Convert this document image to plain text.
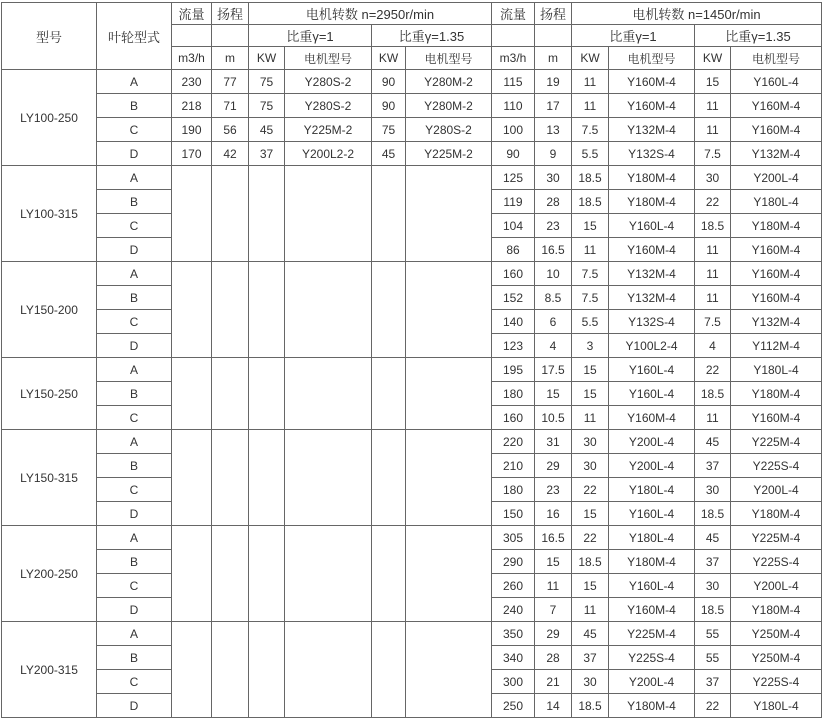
型号	叶轮型式	流量	扬程	电机转数 n=2950r/min				流量	扬程	电机转数 n=1450r/min			
				比重γ=1		比重γ=1.35				比重γ=1		比重γ=1.35	
		m3/h	m	KW	电机型号	KW	电机型号	m3/h	m	KW	电机型号	KW	电机型号
LY100-250	A	230	77	75	Y280S-2	90	Y280M-2	115	19	11	Y160M-4	15	Y160L-4
	B	218	71	75	Y280S-2	90	Y280M-2	110	17	11	Y160M-4	11	Y160M-4
	C	190	56	45	Y225M-2	75	Y280S-2	100	13	7.5	Y132M-4	11	Y160M-4
	D	170	42	37	Y200L2-2	45	Y225M-2	90	9	5.5	Y132S-4	7.5	Y132M-4
LY100-315	A							125	30	18.5	Y180M-4	30	Y200L-4
	B							119	28	18.5	Y180M-4	22	Y180L-4
	C							104	23	15	Y160L-4	18.5	Y180M-4
	D							86	16.5	11	Y160M-4	11	Y160M-4
LY150-200	A							160	10	7.5	Y132M-4	11	Y160M-4
	B							152	8.5	7.5	Y132M-4	11	Y160M-4
	C							140	6	5.5	Y132S-4	7.5	Y132M-4
	D							123	4	3	Y100L2-4	4	Y112M-4
LY150-250	A							195	17.5	15	Y160L-4	22	Y180L-4
	B							180	15	15	Y160L-4	18.5	Y180M-4
	C							160	10.5	11	Y160M-4	11	Y160M-4
LY150-315	A							220	31	30	Y200L-4	45	Y225M-4
	B							210	29	30	Y200L-4	37	Y225S-4
	C							180	23	22	Y180L-4	30	Y200L-4
	D							150	16	15	Y160L-4	18.5	Y180M-4
LY200-250	A							305	16.5	22	Y180L-4	45	Y225M-4
	B							290	15	18.5	Y180M-4	37	Y225S-4
	C							260	11	15	Y160L-4	30	Y200L-4
	D							240	7	11	Y160M-4	18.5	Y180M-4
LY200-315	A							350	29	45	Y225M-4	55	Y250M-4
	B							340	28	37	Y225S-4	55	Y250M-4
	C							300	21	30	Y200L-4	37	Y225S-4
	D							250	14	18.5	Y180M-4	22	Y180L-4
